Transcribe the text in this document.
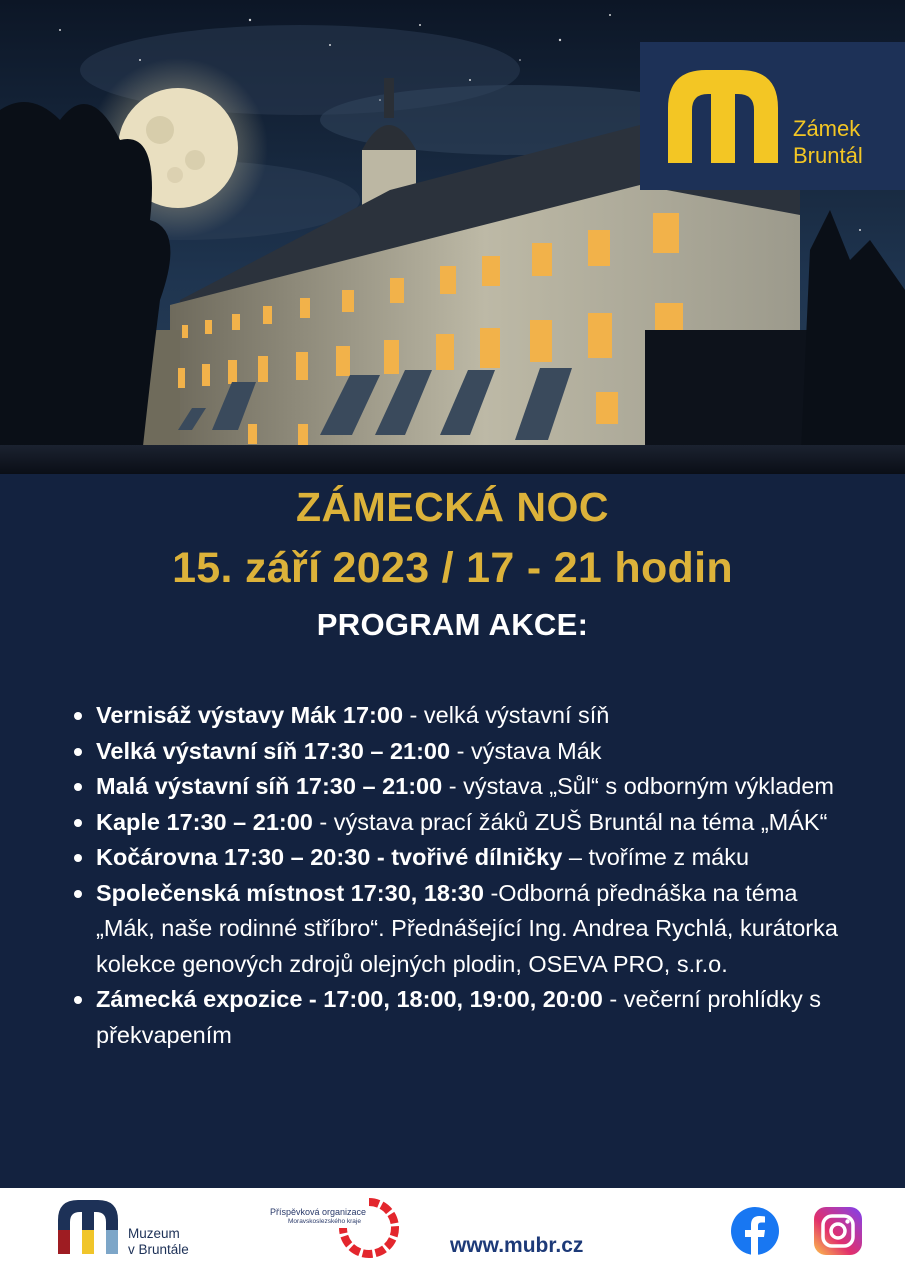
Zámek
Bruntál
ZÁMECKÁ NOC
15. září 2023 / 17 - 21 hodin
PROGRAM AKCE:
Vernisáž výstavy Mák 17:00 - velká výstavní síň
Velká výstavní síň 17:30 – 21:00 - výstava Mák
Malá výstavní síň 17:30 – 21:00 - výstava „Sůl“ s odborným výkladem
Kaple 17:30 – 21:00 - výstava prací žáků ZUŠ Bruntál na téma „MÁK“
Kočárovna 17:30 – 20:30 - tvořivé dílničky – tvoříme z máku
Společenská místnost 17:30, 18:30 -Odborná přednáška na téma „Mák, naše rodinné stříbro“. Přednášející Ing. Andrea Rychlá, kurátorka kolekce genových zdrojů olejných plodin, OSEVA PRO, s.r.o.
Zámecká expozice - 17:00, 18:00, 19:00, 20:00 - večerní prohlídky s překvapením
Muzeum
v Bruntále
Příspěvková organizace
Moravskoslezského kraje
www.mubr.cz
